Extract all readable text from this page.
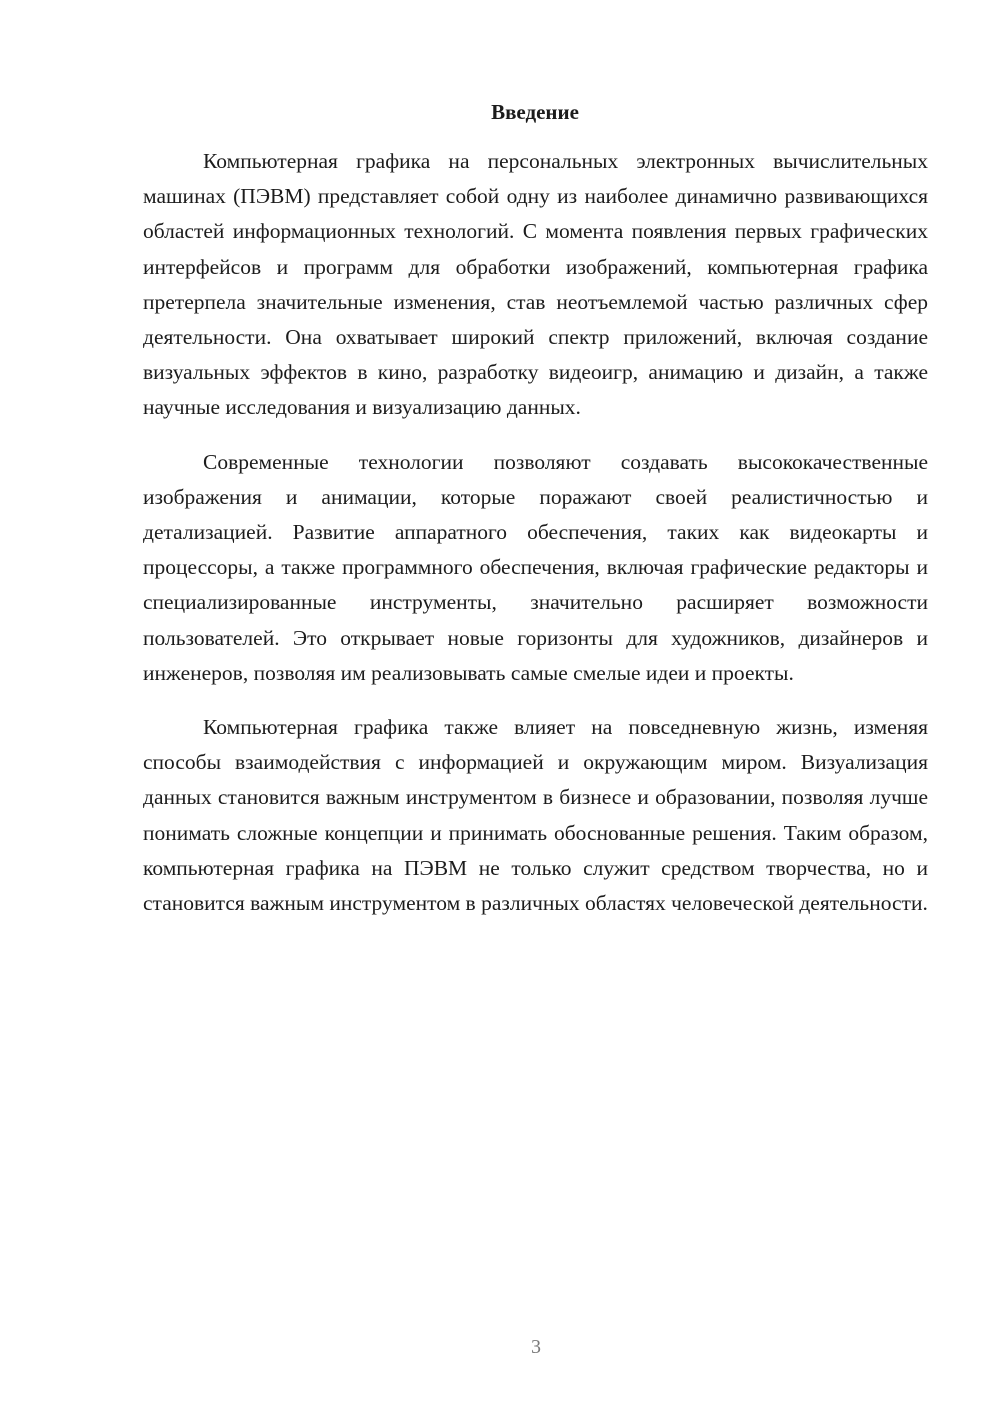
Введение

Компьютерная графика на персональных электронных вычислительных машинах (ПЭВМ) представляет собой одну из наиболее динамично развивающихся областей информационных технологий. С момента появления первых графических интерфейсов и программ для обработки изображений, компьютерная графика претерпела значительные изменения, став неотъемлемой частью различных сфер деятельности. Она охватывает широкий спектр приложений, включая создание визуальных эффектов в кино, разработку видеоигр, анимацию и дизайн, а также научные исследования и визуализацию данных.

Современные технологии позволяют создавать высококачественные изображения и анимации, которые поражают своей реалистичностью и детализацией. Развитие аппаратного обеспечения, таких как видеокарты и процессоры, а также программного обеспечения, включая графические редакторы и специализированные инструменты, значительно расширяет возможности пользователей. Это открывает новые горизонты для художников, дизайнеров и инженеров, позволяя им реализовывать самые смелые идеи и проекты.

Компьютерная графика также влияет на повседневную жизнь, изменяя способы взаимодействия с информацией и окружающим миром. Визуализация данных становится важным инструментом в бизнесе и образовании, позволяя лучше понимать сложные концепции и принимать обоснованные решения. Таким образом, компьютерная графика на ПЭВМ не только служит средством творчества, но и становится важным инструментом в различных областях человеческой деятельности.

3
